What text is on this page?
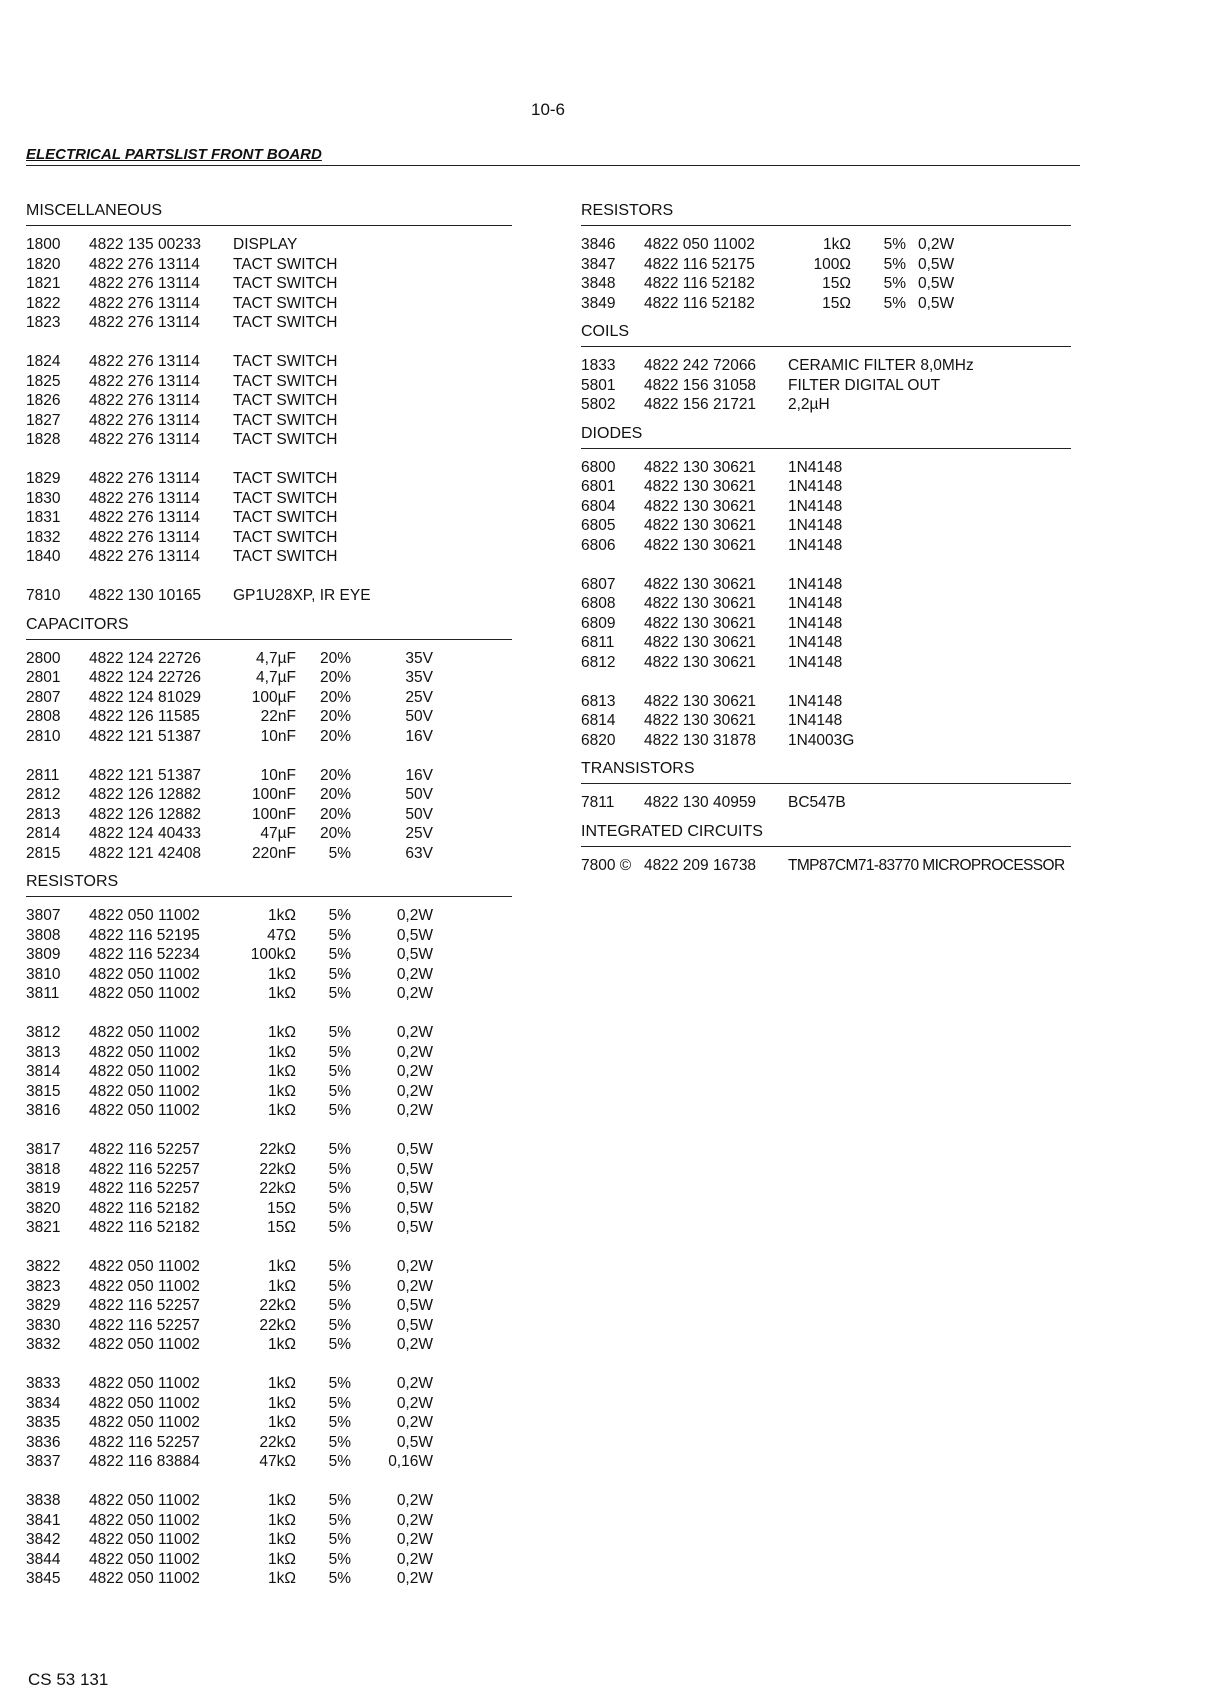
10-6
ELECTRICAL PARTSLIST FRONT BOARD
MISCELLANEOUS
1800 4822 135 00233 DISPLAY
1820 4822 276 13114 TACT SWITCH
1821 4822 276 13114 TACT SWITCH
1822 4822 276 13114 TACT SWITCH
1823 4822 276 13114 TACT SWITCH
1824 4822 276 13114 TACT SWITCH
1825 4822 276 13114 TACT SWITCH
1826 4822 276 13114 TACT SWITCH
1827 4822 276 13114 TACT SWITCH
1828 4822 276 13114 TACT SWITCH
1829 4822 276 13114 TACT SWITCH
1830 4822 276 13114 TACT SWITCH
1831 4822 276 13114 TACT SWITCH
1832 4822 276 13114 TACT SWITCH
1840 4822 276 13114 TACT SWITCH
7810 4822 130 10165 GP1U28XP, IR EYE
CAPACITORS
2800 4822 124 22726	4,7µF	20%	35V
2801 4822 124 22726	4,7µF	20%	35V
2807 4822 124 81029	100µF	20%	25V
2808 4822 126 11585	22nF	20%	50V
2810 4822 121 51387	10nF	20%	16V
2811 4822 121 51387	10nF	20%	16V
2812 4822 126 12882	100nF	20%	50V
2813 4822 126 12882	100nF	20%	50V
2814 4822 124 40433	47µF	20%	25V
2815 4822 121 42408	220nF	5%	63V
RESISTORS
3807 4822 050 11002	1kΩ	5%	0,2W
3808 4822 116 52195	47Ω	5%	0,5W
3809 4822 116 52234	100kΩ	5%	0,5W
3810 4822 050 11002	1kΩ	5%	0,2W
3811 4822 050 11002	1kΩ	5%	0,2W
3812 4822 050 11002	1kΩ	5%	0,2W
3813 4822 050 11002	1kΩ	5%	0,2W
3814 4822 050 11002	1kΩ	5%	0,2W
3815 4822 050 11002	1kΩ	5%	0,2W
3816 4822 050 11002	1kΩ	5%	0,2W
3817 4822 116 52257	22kΩ	5%	0,5W
3818 4822 116 52257	22kΩ	5%	0,5W
3819 4822 116 52257	22kΩ	5%	0,5W
3820 4822 116 52182	15Ω	5%	0,5W
3821 4822 116 52182	15Ω	5%	0,5W
3822 4822 050 11002	1kΩ	5%	0,2W
3823 4822 050 11002	1kΩ	5%	0,2W
3829 4822 116 52257	22kΩ	5%	0,5W
3830 4822 116 52257	22kΩ	5%	0,5W
3832 4822 050 11002	1kΩ	5%	0,2W
3833 4822 050 11002	1kΩ	5%	0,2W
3834 4822 050 11002	1kΩ	5%	0,2W
3835 4822 050 11002	1kΩ	5%	0,2W
3836 4822 116 52257	22kΩ	5%	0,5W
3837 4822 116 83884	47kΩ	5%	0,16W
3838 4822 050 11002	1kΩ	5%	0,2W
3841 4822 050 11002	1kΩ	5%	0,2W
3842 4822 050 11002	1kΩ	5%	0,2W
3844 4822 050 11002	1kΩ	5%	0,2W
3845 4822 050 11002	1kΩ	5%	0,2W
RESISTORS
3846 4822 050 11002	1kΩ	5% 0,2W
3847 4822 116 52175	100Ω	5% 0,5W
3848 4822 116 52182	15Ω	5% 0,5W
3849 4822 116 52182	15Ω	5% 0,5W
COILS
1833 4822 242 72066 CERAMIC FILTER 8,0MHz
5801 4822 156 31058 FILTER DIGITAL OUT
5802 4822 156 21721 2,2µH
DIODES
6800 4822 130 30621 1N4148
6801 4822 130 30621 1N4148
6804 4822 130 30621 1N4148
6805 4822 130 30621 1N4148
6806 4822 130 30621 1N4148
6807 4822 130 30621 1N4148
6808 4822 130 30621 1N4148
6809 4822 130 30621 1N4148
6811 4822 130 30621 1N4148
6812 4822 130 30621 1N4148
6813 4822 130 30621 1N4148
6814 4822 130 30621 1N4148
6820 4822 130 31878 1N4003G
TRANSISTORS
7811 4822 130 40959 BC547B
INTEGRATED CIRCUITS
7800 © 4822 209 16738 TMP87CM71-83770 MICROPROCESSOR
CS 53 131
